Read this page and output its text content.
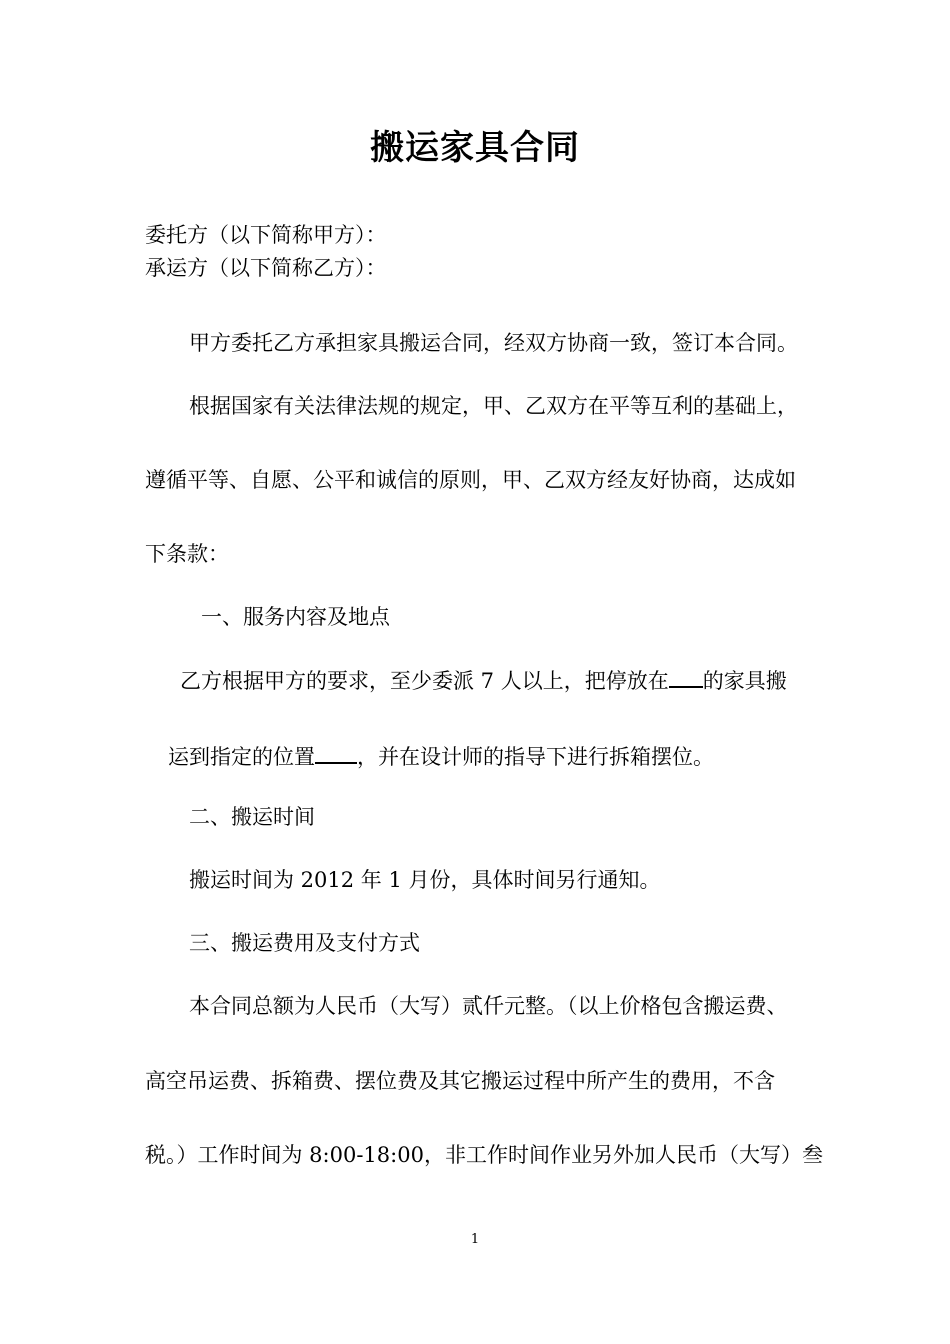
搬运家具合同
委托方（以下简称甲方）：
承运方（以下简称乙方）：
甲方委托乙方承担家具搬运合同，经双方协商一致，签订本合同。
根据国家有关法律法规的规定，甲、乙双方在平等互利的基础上，
遵循平等、自愿、公平和诚信的原则，甲、乙双方经友好协商，达成如
下条款：
一、服务内容及地点
乙方根据甲方的要求，至少委派 7 人以上，把停放在 的家具搬
运到指定的位置 ，并在设计师的指导下进行拆箱摆位。
二、搬运时间
搬运时间为 2012 年 1 月份，具体时间另行通知。
三、搬运费用及支付方式
本合同总额为人民币（大写）贰仟元整。（以上价格包含搬运费、
高空吊运费、拆箱费、摆位费及其它搬运过程中所产生的费用，不含
税。）工作时间为 8:00-18:00，非工作时间作业另外加人民币（大写）叁
1
